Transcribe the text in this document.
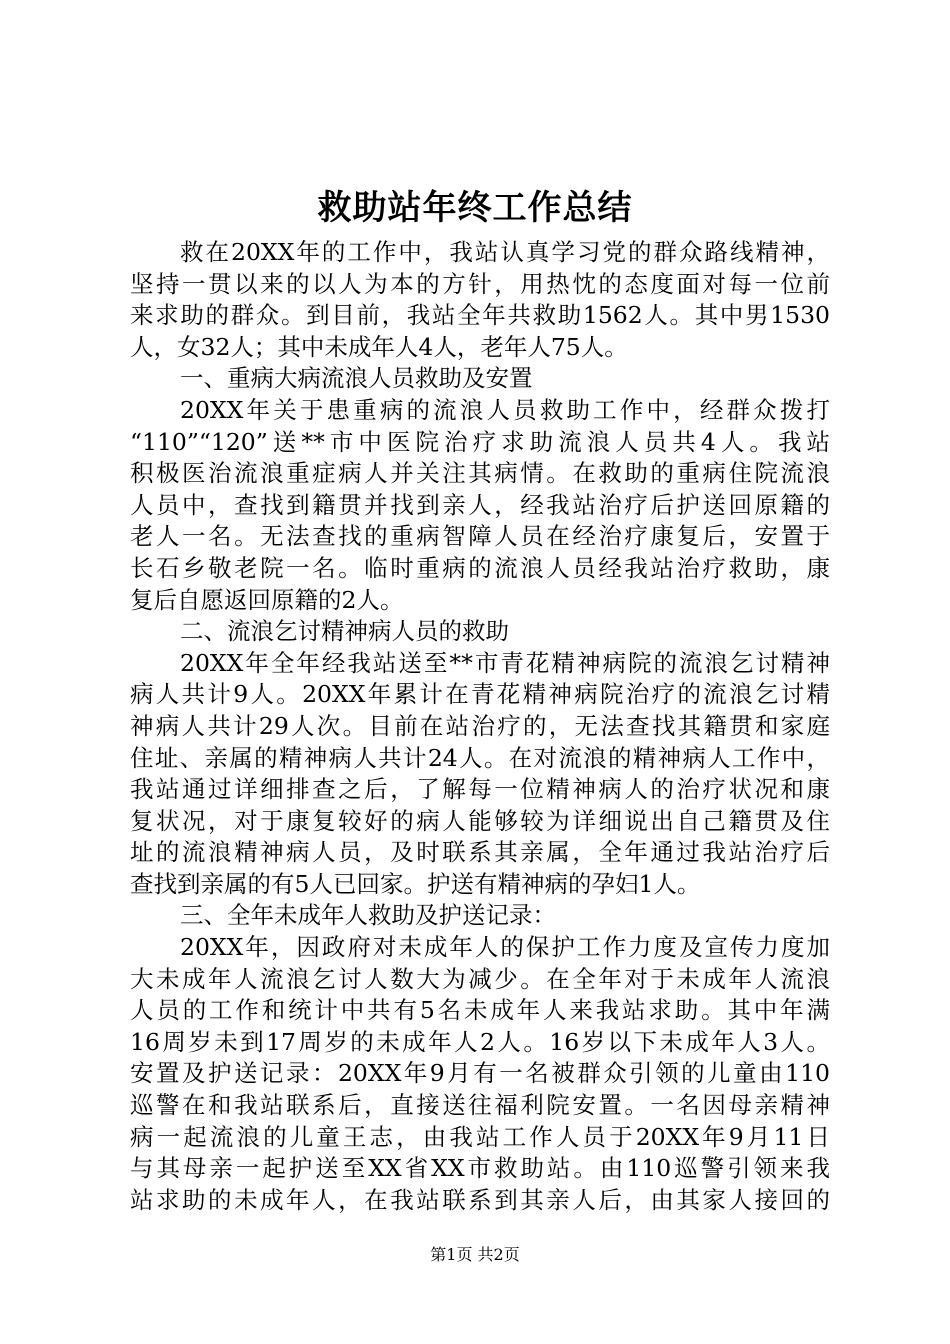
救助站年终工作总结
救在20XX年的工作中，我站认真学习党的群众路线精神，
坚持一贯以来的以人为本的方针，用热忱的态度面对每一位前
来求助的群众。到目前，我站全年共救助1562人。其中男1530
人，女32人；其中未成年人4人，老年人75人。
一、重病大病流浪人员救助及安置
20XX年关于患重病的流浪人员救助工作中，经群众拨打
“110”“120”送**市中医院治疗求助流浪人员共4人。我站
积极医治流浪重症病人并关注其病情。在救助的重病住院流浪
人员中，查找到籍贯并找到亲人，经我站治疗后护送回原籍的
老人一名。无法查找的重病智障人员在经治疗康复后，安置于
长石乡敬老院一名。临时重病的流浪人员经我站治疗救助，康
复后自愿返回原籍的2人。
二、流浪乞讨精神病人员的救助
20XX年全年经我站送至**市青花精神病院的流浪乞讨精神
病人共计9人。20XX年累计在青花精神病院治疗的流浪乞讨精
神病人共计29人次。目前在站治疗的，无法查找其籍贯和家庭
住址、亲属的精神病人共计24人。在对流浪的精神病人工作中，
我站通过详细排查之后，了解每一位精神病人的治疗状况和康
复状况，对于康复较好的病人能够较为详细说出自己籍贯及住
址的流浪精神病人员，及时联系其亲属，全年通过我站治疗后
查找到亲属的有5人已回家。护送有精神病的孕妇1人。
三、全年未成年人救助及护送记录：
20XX年，因政府对未成年人的保护工作力度及宣传力度加
大未成年人流浪乞讨人数大为减少。在全年对于未成年人流浪
人员的工作和统计中共有5名未成年人来我站求助。其中年满
16周岁未到17周岁的未成年人2人。16岁以下未成年人3人。
安置及护送记录：20XX年9月有一名被群众引领的儿童由110
巡警在和我站联系后，直接送往福利院安置。一名因母亲精神
病一起流浪的儿童王志，由我站工作人员于20XX年9月11日
与其母亲一起护送至XX省XX市救助站。由110巡警引领来我
站求助的未成年人，在我站联系到其亲人后，由其家人接回的
第1页 共2页
